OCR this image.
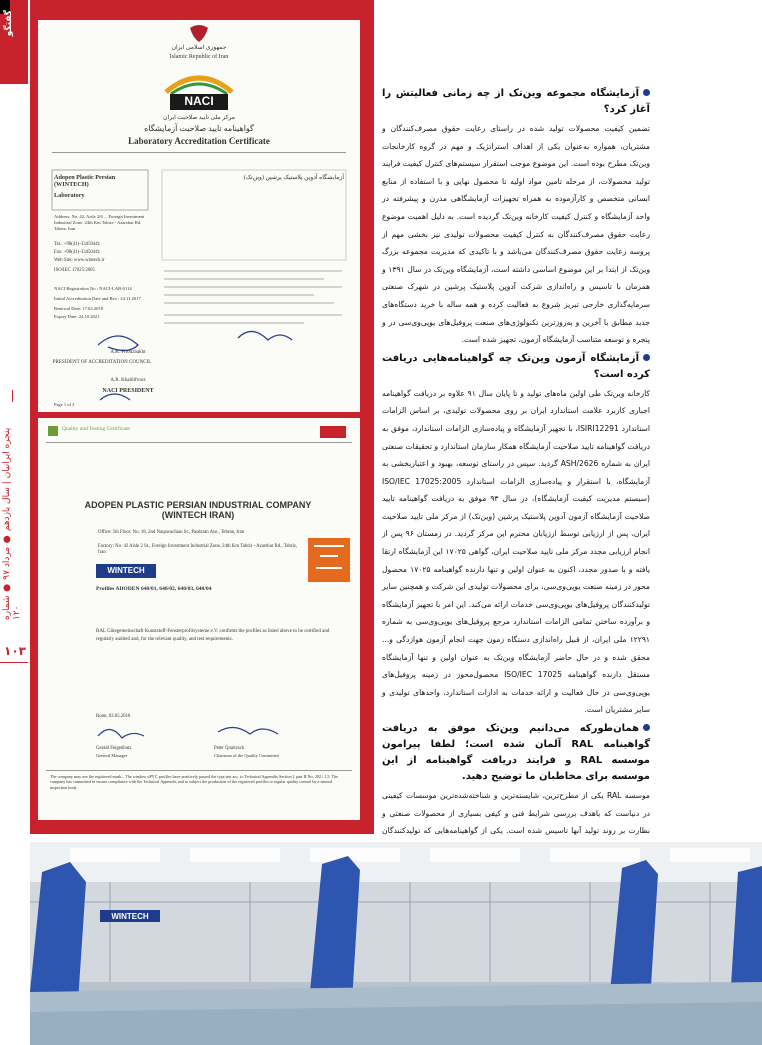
گفتگو
پنجره ایرانیان | سال یازدهم ● مرداد ۹۷ ● شماره ۱۲۰
۱۰۳
جمهوری اسلامی ایران
Islamic Republic of Iran
NACI
مرکز ملی تایید صلاحیت ایران
گواهینامه تایید صلاحیت آزمایشگاه
Laboratory Accreditation Certificate
Adopen Plastic Persian (WINTECH)
Laboratory
آزمایشگاه آدوپن پلاستیک پرشین (وین‌تک)
Address: No. 42, Aisle 2/6 ... Foreign Investment Industrial Zone, 24th Km Tabriz - Azarshar Rd, Tabriz, Iran
Tel.: +98(41)-33450441
Fax: +98(41)-33450441
Web Site: www.wintech.ir
ISO/IEC 17025:2005
NACI Registration No.: NACI-LAB-0114
Initial Accreditation Date and Rev.: 24.11.2017
Renewal Date: 17.02.2018
Expiry Date: 24.10.2021
A.K. Firouzbakht
PRESIDENT OF ACCREDITATION COUNCIL
A.R. Khalilifrooz
NACI PRESIDENT
Page 1 of 3
Quality and Testing Certificate
ADOPEN PLASTIC PERSIAN INDUSTRIAL COMPANY (WINTECH IRAN)
Office: 5th Floor, No. 18, 2nd Naqawachian St., Pasdaran Ave., Tehran, Iran
Factory: No. 42 Aisle 2 St., Foreign Investment Industrial Zone, 24th Km Tabriz - Azarshar Rd., Tabriz, Iran
WINTECH
Profiles ADODEN 640/01, 640/02, 640/03, 640/04
RAL Gütegemeinschaft Kunststoff-Fensterprofilsysteme e.V. confirms the profiles as listed above to be certified and regularly audited and, for the relevant quality, and test requirements.
Bonn, 02.05.2018
Gerald Feigenbutz
General Manager
Peter Quaitzsch
Chairman of the Quality Committee
The company may use the registered mark... The window uPVC profiles have positively passed the type test acc. to Technical Appendix Section I, part II No. 202 / 1.5. The company has committed to ensure compliance with the Technical Appendix and to subject the production of the registered profiles to regular quality control by a neutral inspection body.
آزمایشگاه مجموعه وین‌تک از چه زمانی فعالیتش را آغاز کرد؟

تضمین کیفیت محصولات تولید شده در راستای رعایت حقوق مصرف‌کنندگان و مشتریان، همواره به‌عنوان یکی از اهداف استراتژیک و مهم در گروه کارخانجات وین‌تک مطرح بوده است. این موضوع موجب استقرار سیستم‌های کنترل کیفیت فرایند تولید محصولات، از مرحله تامین مواد اولیه تا محصول نهایی و با استفاده از منابع انسانی متخصص و کارآزموده به همراه تجهیزات آزمایشگاهی مدرن و پیشرفته در واحد آزمایشگاه و کنترل کیفیت کارخانه وین‌تک گردیده است. به دلیل اهمیت موضوع رعایت حقوق مصرف‌کنندگان به کنترل کیفیت محصولات تولیدی نیز بخشی مهم از پروسه رعایت حقوق مصرف‌کنندگان می‌باشد و با تاکیدی که مدیریت مجموعه بزرگ وین‌تک از ابتدا بر این موضوع اساسی داشته است، آزمایشگاه وین‌تک در سال ۱۳۹۱ و همزمان با تاسیس و راه‌اندازی شرکت آدوپن پلاستیک پرشین در شهرک صنعتی سرمایه‌گذاری خارجی تبریز شروع به فعالیت کرده و همه ساله با خرید دستگاه‌های جدید مطابق با آخرین و به‌روزترین تکنولوژی‌های صنعت پروفیل‌های یوپی‌وی‌سی در و پنجره و توسعه متناسب آزمایشگاه آزمون، تجهیز شده است.

آزمایشگاه آزمون وین‌تک چه گواهینامه‌هایی دریافت کرده است؟

کارخانه وین‌تک طی اولین ماه‌های تولید و تا پایان سال ۹۱ علاوه بر دریافت گواهینامه اجباری کاربرد علامت استاندارد ایران بر روی محصولات تولیدی، بر اساس الزامات استاندارد ISIRI12291، با تجهیز آزمایشگاه و پیاده‌سازی الزامات استاندارد، موفق به دریافت گواهینامه تایید صلاحیت آزمایشگاه همکار سازمان استاندارد و تحقیقات صنعتی ایران به شماره ASH/2626 گردید. سپس در راستای توسعه، بهبود و اعتباربخشی به آزمایشگاه، با استقرار و پیاده‌سازی الزامات استاندارد ISO/IEC 17025:2005 (سیستم مدیریت کیفیت آزمایشگاه)، در سال ۹۳ موفق به دریافت گواهینامه تایید صلاحیت آزمایشگاه آزمون آدوپن پلاستیک پرشین (وین‌تک) از مرکز ملی تایید صلاحیت ایران، پس از ارزیابی توسط ارزیابان محترم این مرکز گردید. در زمستان ۹۶ پس از انجام ارزیابی مجدد مرکز ملی تایید صلاحیت ایران، گواهی ۱۷۰۲۵ این آزمایشگاه ارتقا یافته و با صدور مجدد، اکنون به عنوان اولین و تنها دارنده گواهینامه ۱۷۰۲۵ محصول محور در زمینه صنعت یوپی‌وی‌سی، برای محصولات تولیدی این شرکت و همچنین سایر تولیدکنندگان پروفیل‌های یوپی‌وی‌سی خدمات ارائه می‌کند. این امر با تجهیز آزمایشگاه و برآورده ساختن تمامی الزامات استاندارد مرجع پروفیل‌های یوپی‌وی‌سی به شماره ۱۲۲۹۱ ملی ایران، از قبیل راه‌اندازی دستگاه زمون جهت انجام آزمون هوازدگی و... محقق شده و در حال حاضر آزمایشگاه وین‌تک به عنوان اولین و تنها آزمایشگاه مستقل دارنده گواهینامه ISO/IEC 17025 محصول‌محور در زمینه پروفیل‌های یوپی‌وی‌سی در حال فعالیت و ارائه خدمات به ادارات استاندارد، واحدهای تولیدی و سایر مشتریان است.

همان‌طورکه می‌دانیم وین‌تک موفق به دریافت گواهینامه RAL آلمان شده است؛ لطفا پیرامون موسسه RAL و فرایند دریافت گواهینامه از این موسسه برای مخاطبان ما توضیح دهید.

موسسه RAL یکی از مطرح‌ترین، شایسته‌ترین و شناخته‌شده‌ترین موسسات کیفیتی در دنیاست که باهدف بررسی شرایط فنی و کیفی بسیاری از محصولات صنعتی و نظارت بر روند تولید آنها تاسیس شده است. یکی از گواهینامه‌هایی که تولیدکنندگان

WINTECH
